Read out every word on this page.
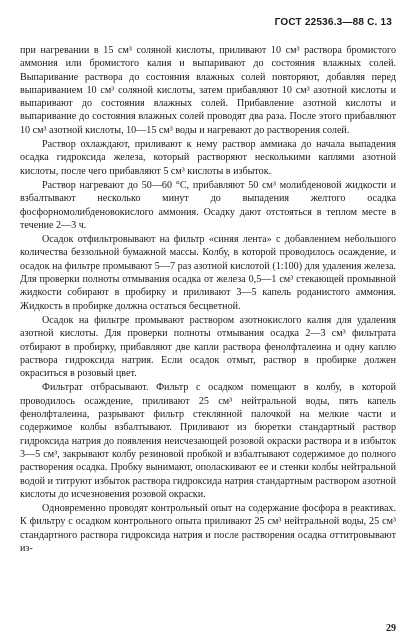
ГОСТ 22536.3—88 С. 13

при нагревании в 15 см³ соляной кислоты, приливают 10 см³ раствора бромистого аммония или бромистого калия и выпаривают до состояния влажных солей. Выпаривание раствора до состояния влажных солей повторяют, добавляя перед выпариванием 10 см³ соляной кислоты, затем прибавляют 10 см³ азотной кислоты и выпаривают до состояния влажных солей. Прибавление азотной кислоты и выпаривание до состояния влажных солей проводят два раза. После этого прибавляют 10 см³ азотной кислоты, 10—15 см³ воды и нагревают до растворения солей.

Раствор охлаждают, приливают к нему раствор аммиака до начала выпадения осадка гидроксида железа, который растворяют несколькими каплями азотной кислоты, после чего прибавляют 5 см³ кислоты в избыток.

Раствор нагревают до 50—60 °С, прибавляют 50 см³ молибденовой жидкости и взбалтывают несколько минут до выпадения желтого осадка фосфорномолибденовокислого аммония. Осадку дают отстояться в теплом месте в течение 2—3 ч.

Осадок отфильтровывают на фильтр «синяя лента» с добавлением небольшого количества беззольной бумажной массы. Колбу, в которой проводилось осаждение, и осадок на фильтре промывают 5—7 раз азотной кислотой (1:100) для удаления железа. Для проверки полноты отмывания осадка от железа 0,5—1 см³ стекающей промывной жидкости собирают в пробирку и приливают 3—5 капель роданистого аммония. Жидкость в пробирке должна остаться бесцветной.

Осадок на фильтре промывают раствором азотнокислого калия для удаления азотной кислоты. Для проверки полноты отмывания осадка 2—3 см³ фильтрата отбирают в пробирку, прибавляют две капли раствора фенолфталеина и одну каплю раствора гидроксида натрия. Если осадок отмыт, раствор в пробирке должен окраситься в розовый цвет.

Фильтрат отбрасывают. Фильтр с осадком помещают в колбу, в которой проводилось осаждение, приливают 25 см³ нейтральной воды, пять капель фенолфталеина, разрывают фильтр стеклянной палочкой на мелкие части и содержимое колбы взбалтывают. Приливают из бюретки стандартный раствор гидроксида натрия до появления неисчезающей розовой окраски раствора и в избыток 3—5 см³, закрывают колбу резиновой пробкой и взбалтывают содержимое до полного растворения осадка. Пробку вынимают, ополаскивают ее и стенки колбы нейтральной водой и титруют избыток раствора гидроксида натрия стандартным раствором азотной кислоты до исчезновения розовой окраски.

Одновременно проводят контрольный опыт на содержание фосфора в реактивах. К фильтру с осадком контрольного опыта приливают 25 см³ нейтральной воды, 25 см³ стандартного раствора гидроксида натрия и после растворения осадка оттитровывают из-

29
